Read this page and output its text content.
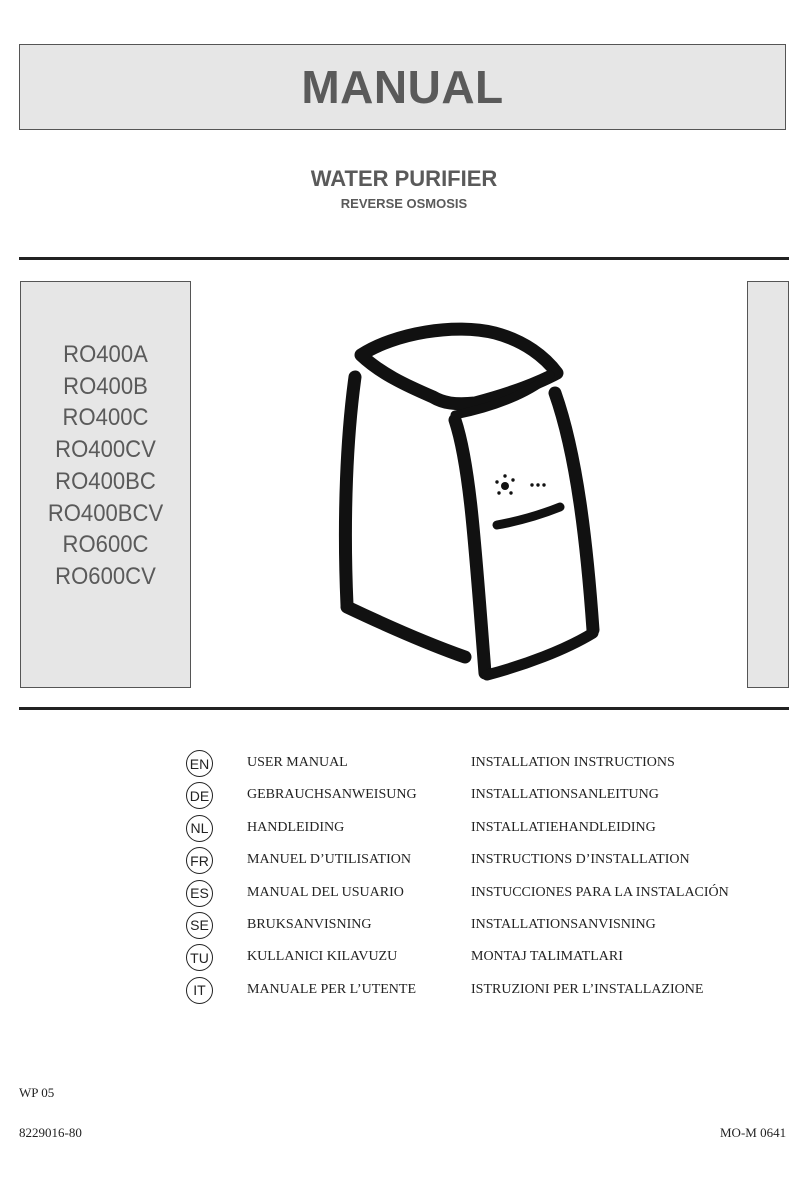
MANUAL
WATER PURIFIER
REVERSE OSMOSIS
RO400A
RO400B
RO400C
RO400CV
RO400BC
RO400BCV
RO600C
RO600CV
EN	USER MANUAL	INSTALLATION INSTRUCTIONS
DE	GEBRAUCHSANWEISUNG	INSTALLATIONSANLEITUNG
NL	HANDLEIDING	INSTALLATIEHANDLEIDING
FR	MANUEL D’UTILISATION	INSTRUCTIONS D’INSTALLATION
ES	MANUAL DEL USUARIO	INSTUCCIONES PARA LA INSTALACIÓN
SE	BRUKSANVISNING	INSTALLATIONSANVISNING
TU	KULLANICI KILAVUZU	MONTAJ TALIMATLARI
IT	MANUALE PER L’UTENTE	ISTRUZIONI PER L’INSTALLAZIONE
WP 05
8229016-80	MO-M 0641
